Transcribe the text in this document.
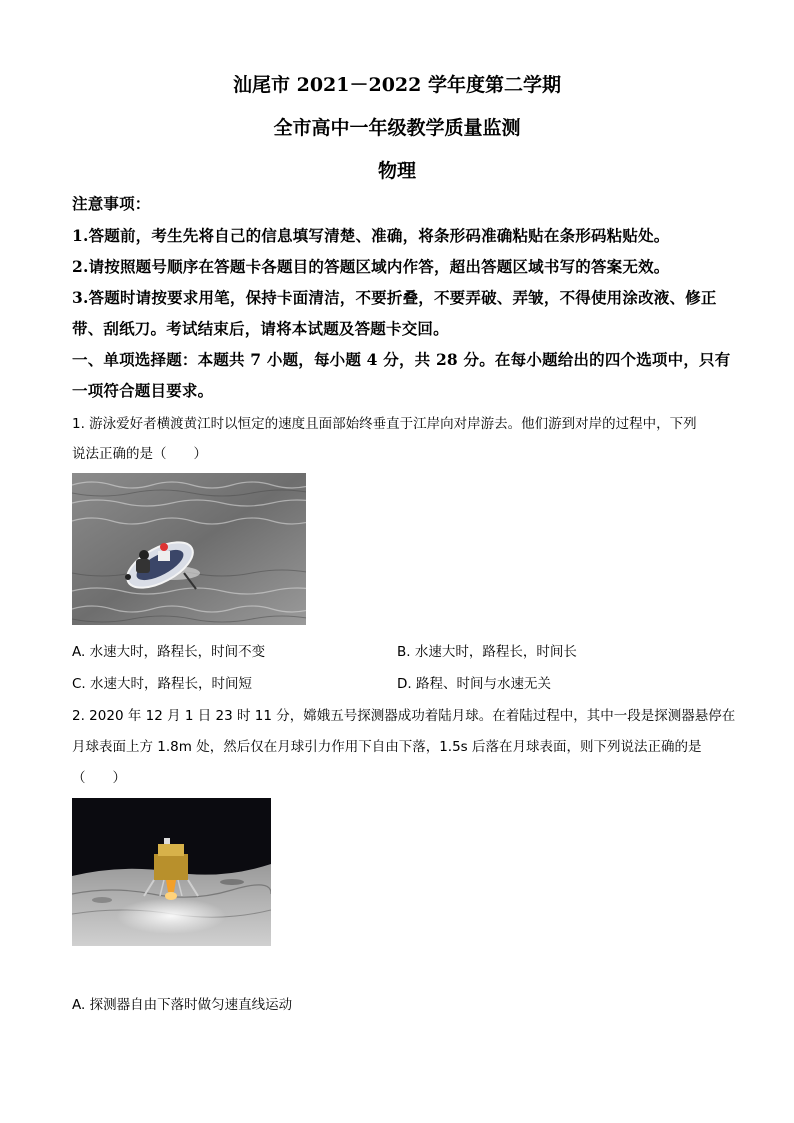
汕尾市 2021－2022 学年度第二学期
全市高中一年级教学质量监测
物理
注意事项：
1.答题前，考生先将自己的信息填写清楚、准确，将条形码准确粘贴在条形码粘贴处。
2.请按照题号顺序在答题卡各题目的答题区域内作答，超出答题区域书写的答案无效。
3.答题时请按要求用笔，保持卡面清洁，不要折叠，不要弄破、弄皱，不得使用涂改液、修正
带、刮纸刀。考试结束后，请将本试题及答题卡交回。
一、单项选择题：本题共 7 小题，每小题 4 分，共 28 分。在每小题给出的四个选项中，只有
一项符合题目要求。
1. 游泳爱好者横渡黄江时以恒定的速度且面部始终垂直于江岸向对岸游去。他们游到对岸的过程中，下列
说法正确的是（　　）
A. 水速大时，路程长，时间不变	B. 水速大时，路程长，时间长
C. 水速大时，路程长，时间短	D. 路程、时间与水速无关
2. 2020 年 12 月 1 日 23 时 11 分，嫦娥五号探测器成功着陆月球。在着陆过程中，其中一段是探测器悬停在
月球表面上方 1.8m 处，然后仅在月球引力作用下自由下落，1.5s 后落在月球表面，则下列说法正确的是
（　　）
A. 探测器自由下落时做匀速直线运动
